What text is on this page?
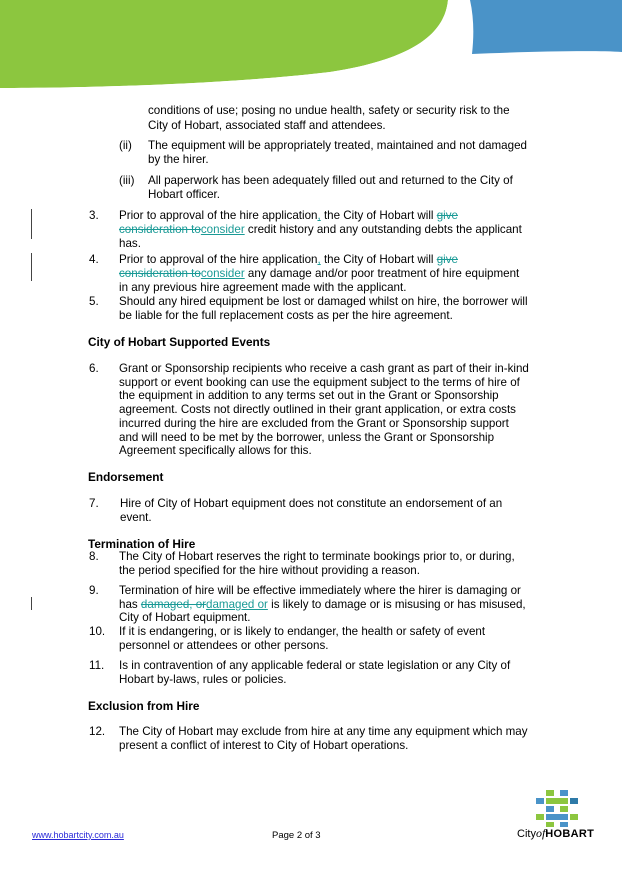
conditions of use; posing no undue health, safety or security risk to the

City of Hobart, associated staff and attendees.

(ii) The equipment will be appropriately treated, maintained and not damaged

by the hirer.

(iii) All paperwork has been adequately filled out and returned to the City of

Hobart officer.

3. Prior to approval of the hire application, the City of Hobart will give

consideration toconsider credit history and any outstanding debts the applicant

has.

4. Prior to approval of the hire application, the City of Hobart will give

consideration toconsider any damage and/or poor treatment of hire equipment

in any previous hire agreement made with the applicant.

5. Should any hired equipment be lost or damaged whilst on hire, the borrower will

be liable for the full replacement costs as per the hire agreement.

City of Hobart Supported Events
6. Grant or Sponsorship recipients who receive a cash grant as part of their in-kind

support or event booking can use the equipment subject to the terms of hire of

the equipment in addition to any terms set out in the Grant or Sponsorship

agreement. Costs not directly outlined in their grant application, or extra costs

incurred during the hire are excluded from the Grant or Sponsorship support

and will need to be met by the borrower, unless the Grant or Sponsorship

Agreement specifically allows for this.

Endorsement
7. Hire of City of Hobart equipment does not constitute an endorsement of an

event.

Termination of Hire
8. The City of Hobart reserves the right to terminate bookings prior to, or during,

the period specified for the hire without providing a reason.

9. Termination of hire will be effective immediately where the hirer is damaging or

has damaged, ordamaged or is likely to damage or is misusing or has misused,

City of Hobart equipment.

10. If it is endangering, or is likely to endanger, the health or safety of event

personnel or attendees or other persons.

11. Is in contravention of any applicable federal or state legislation or any City of

Hobart by-laws, rules or policies.

Exclusion from Hire
12. The City of Hobart may exclude from hire at any time any equipment which may

present a conflict of interest to City of Hobart operations.

www.hobartcity.com.au	Page 2 of 3	CityofHOBART
